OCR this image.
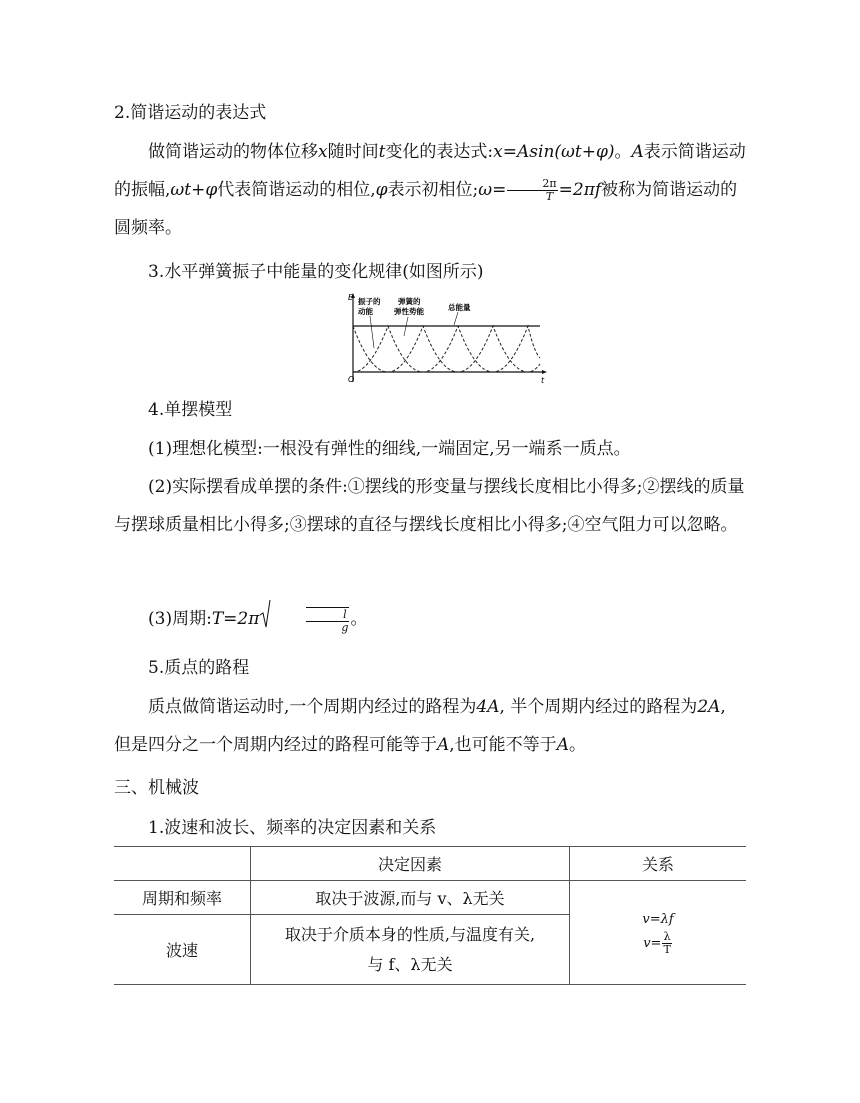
2.简谐运动的表达式

做简谐运动的物体位移x随时间t变化的表达式:x=Asin(ωt+φ)。A表示简谐运动的振幅,ωt+φ代表简谐运动的相位,φ表示初相位;ω= $\frac{2\pi}{T} =2\pi f$被称为简谐运动的圆频率。

3.水平弹簧振子中能量的变化规律(如图所示)

E
t
O
振子的
动能
弹簧的
弹性势能	总能量

4.单摆模型

(1)理想化模型:一根没有弹性的细线,一端固定,另一端系一质点。

(2)实际摆看成单摆的条件:①摆线的形变量与摆线长度相比小得多;②摆线的质量与摆球质量相比小得多;③摆球的直径与摆线长度相比小得多;④空气阻力可以忽略。

(3)周期:T=2π	$\frac{l}{g}$ 。

5.质点的路程

质点做简谐运动时,一个周期内经过的路程为4A, 半个周期内经过的路程为2A, 但是四分之一个周期内经过的路程可能等于A,也可能不等于A。

三、机械波

1.波速和波长、频率的决定因素和关系

	决定因素	关系
周期和频率	取决于波源,而与 v、λ无关	v=λf
$v= \frac{\lambda}{T}$

波速	取决于介质本身的性质,与温度有关,
与 f、λ无关	
